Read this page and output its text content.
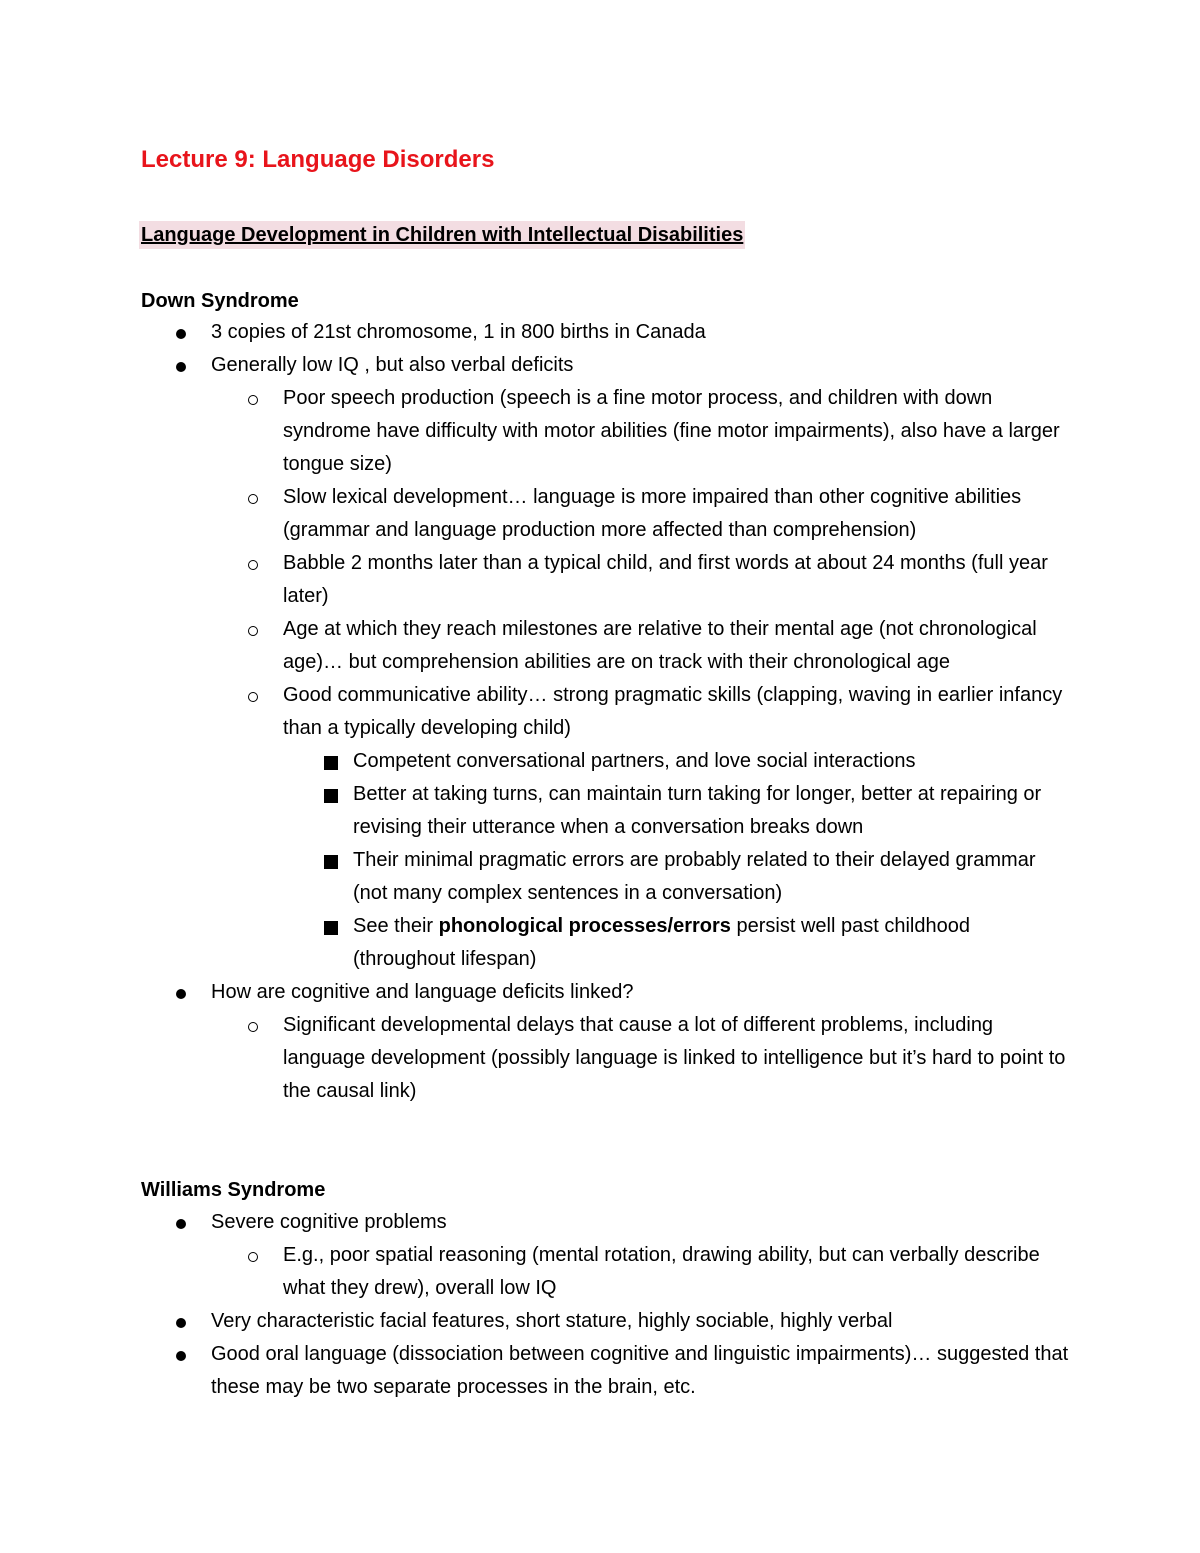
Lecture 9: Language Disorders
Language Development in Children with Intellectual Disabilities
Down Syndrome
3 copies of 21st chromosome, 1 in 800 births in Canada
Generally low IQ , but also verbal deficits
Poor speech production (speech is a fine motor process, and children with down syndrome have difficulty with motor abilities (fine motor impairments), also have a larger tongue size)
Slow lexical development… language is more impaired than other cognitive abilities (grammar and language production more affected than comprehension)
Babble 2 months later than a typical child, and first words at about 24 months (full year later)
Age at which they reach milestones are relative to their mental age (not chronological age)… but comprehension abilities are on track with their chronological age
Good communicative ability… strong pragmatic skills (clapping, waving in earlier infancy than a typically developing child)
Competent conversational partners, and love social interactions
Better at taking turns, can maintain turn taking for longer, better at repairing or revising their utterance when a conversation breaks down
Their minimal pragmatic errors are probably related to their delayed grammar (not many complex sentences in a conversation)
See their phonological processes/errors persist well past childhood (throughout lifespan)
How are cognitive and language deficits linked?
Significant developmental delays that cause a lot of different problems, including language development (possibly language is linked to intelligence but it’s hard to point to the causal link)
Williams Syndrome
Severe cognitive problems
E.g., poor spatial reasoning (mental rotation, drawing ability, but can verbally describe what they drew), overall low IQ
Very characteristic facial features, short stature, highly sociable, highly verbal
Good oral language (dissociation between cognitive and linguistic impairments)… suggested that these may be two separate processes in the brain, etc.
